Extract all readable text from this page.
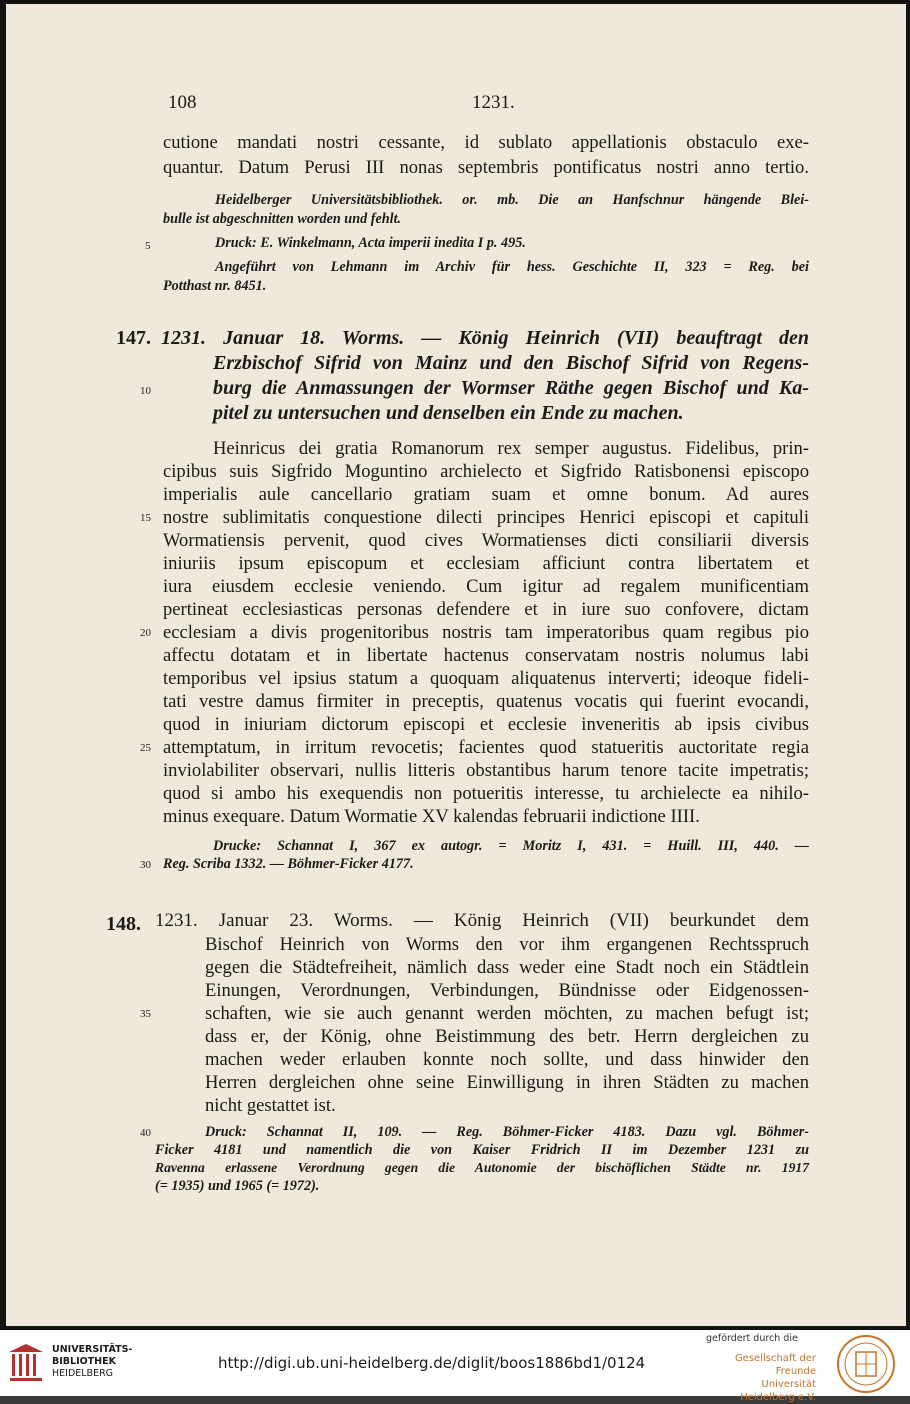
108	1231.

cutione mandati nostri cessante, id sublato appellationis obstaculo exe-

quantur. Datum Perusi III nonas septembris pontificatus nostri anno tertio.

Heidelberger Universitätsbibliothek. or. mb. Die an Hanfschnur hängende Blei-

bulle ist abgeschnitten worden und fehlt.

Druck: E. Winkelmann, Acta imperii inedita I p. 495.

Angeführt von Lehmann im Archiv für hess. Geschichte II, 323 = Reg. bei

Potthast nr. 8451.

147. 1231. Januar 18. Worms. — König Heinrich (VII) beauftragt den

Erzbischof Sifrid von Mainz und den Bischof Sifrid von Regens-

burg die Anmassungen der Wormser Räthe gegen Bischof und Ka-

pitel zu untersuchen und denselben ein Ende zu machen.

Heinricus dei gratia Romanorum rex semper augustus. Fidelibus, prin-

cipibus suis Sigfrido Moguntino archielecto et Sigfrido Ratisbonensi episcopo

imperialis aule cancellario gratiam suam et omne bonum. Ad aures

nostre sublimitatis conquestione dilecti principes Henrici episcopi et capituli

Wormatiensis pervenit, quod cives Wormatienses dicti consiliarii diversis

iniuriis ipsum episcopum et ecclesiam afficiunt contra libertatem et

iura eiusdem ecclesie veniendo. Cum igitur ad regalem munificentiam

pertineat ecclesiasticas personas defendere et in iure suo confovere, dictam

ecclesiam a divis progenitoribus nostris tam imperatoribus quam regibus pio

affectu dotatam et in libertate hactenus conservatam nostris nolumus labi

temporibus vel ipsius statum a quoquam aliquatenus interverti; ideoque fideli-

tati vestre damus firmiter in preceptis, quatenus vocatis qui fuerint evocandi,

quod in iniuriam dictorum episcopi et ecclesie inveneritis ab ipsis civibus

attemptatum, in irritum revocetis; facientes quod statueritis auctoritate regia

inviolabiliter observari, nullis litteris obstantibus harum tenore tacite impetratis;

quod si ambo his exequendis non potueritis interesse, tu archielecte ea nihilo-

minus exequare. Datum Wormatie XV kalendas februarii indictione IIII.

Drucke: Schannat I, 367 ex autogr. = Moritz I, 431. = Huill. III, 440. —

Reg. Scriba 1332. — Böhmer-Ficker 4177.

148. 1231. Januar 23. Worms. — König Heinrich (VII) beurkundet dem

Bischof Heinrich von Worms den vor ihm ergangenen Rechtsspruch

gegen die Städtefreiheit, nämlich dass weder eine Stadt noch ein Städtlein

Einungen, Verordnungen, Verbindungen, Bündnisse oder Eidgenossen-

schaften, wie sie auch genannt werden möchten, zu machen befugt ist;

dass er, der König, ohne Beistimmung des betr. Herrn dergleichen zu

machen weder erlauben konnte noch sollte, und dass hinwider den

Herren dergleichen ohne seine Einwilligung in ihren Städten zu machen

nicht gestattet ist.

Druck: Schannat II, 109. — Reg. Böhmer-Ficker 4183. Dazu vgl. Böhmer-

Ficker 4181 und namentlich die von Kaiser Fridrich II im Dezember 1231 zu

Ravenna erlassene Verordnung gegen die Autonomie der bischöflichen Städte nr. 1917

(= 1935) und 1965 (= 1972).

5
10
15
20
25
30
35
40
UNIVERSITÄTS-
BIBLIOTHEK
HEIDELBERG
http://digi.ub.uni-heidelberg.de/diglit/boos1886bd1/0124
gefördert durch die
Gesellschaft der Freunde
Universität Heidelberg e.V.
